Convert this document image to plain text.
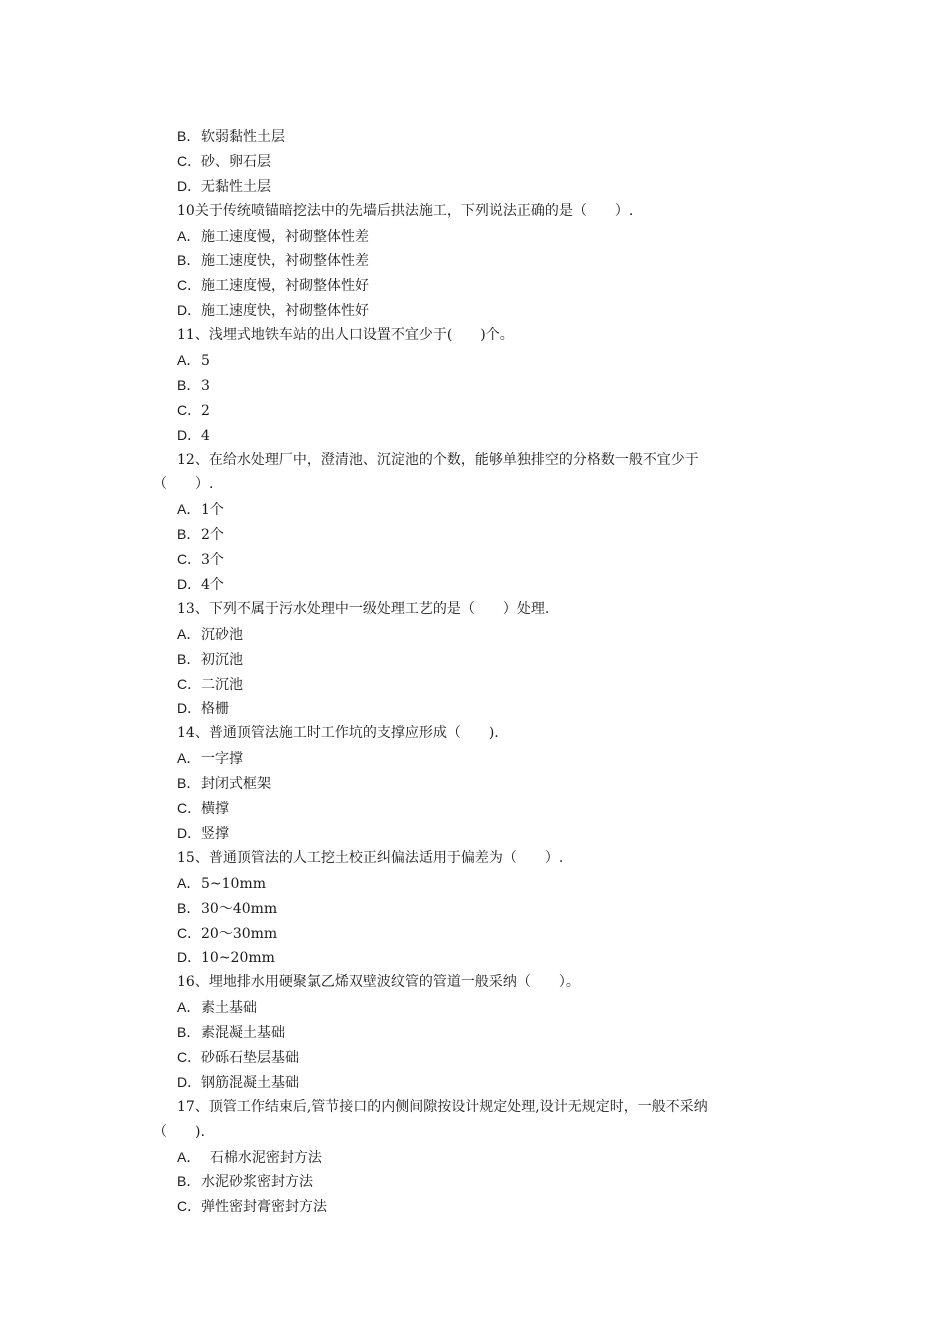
B．软弱黏性土层
C．砂、卵石层
D．无黏性土层
10关于传统喷锚暗挖法中的先墙后拱法施工，下列说法正确的是（　　）.
A．施工速度慢，衬砌整体性差
B．施工速度快，衬砌整体性差
C．施工速度慢，衬砌整体性好
D．施工速度快，衬砌整体性好
11、浅埋式地铁车站的出人口设置不宜少于(　　)个。
A．5
B．3
C．2
D．4
12、在给水处理厂中，澄清池、沉淀池的个数，能够单独排空的分格数一般不宜少于
（　　）.
A．1个
B．2个
C．3个
D．4个
13、下列不属于污水处理中一级处理工艺的是（　　）处理.
A．沉砂池
B．初沉池
C．二沉池
D．格栅
14、普通顶管法施工时工作坑的支撑应形成（　　).
A．一字撑
B．封闭式框架
C．横撑
D．竖撑
15、普通顶管法的人工挖土校正纠偏法适用于偏差为（　　）.
A．5~10mm
B．30～40mm
C．20～30mm
D．10~20mm
16、埋地排水用硬聚氯乙烯双壁波纹管的管道一般采纳（　　）。
A．素土基础
B．素混凝土基础
C．砂砾石垫层基础
D．钢筋混凝土基础
17、顶管工作结束后,管节接口的内侧间隙按设计规定处理,设计无规定时，一般不采纳
（　　).
A．  石棉水泥密封方法
B．水泥砂浆密封方法
C．弹性密封膏密封方法
